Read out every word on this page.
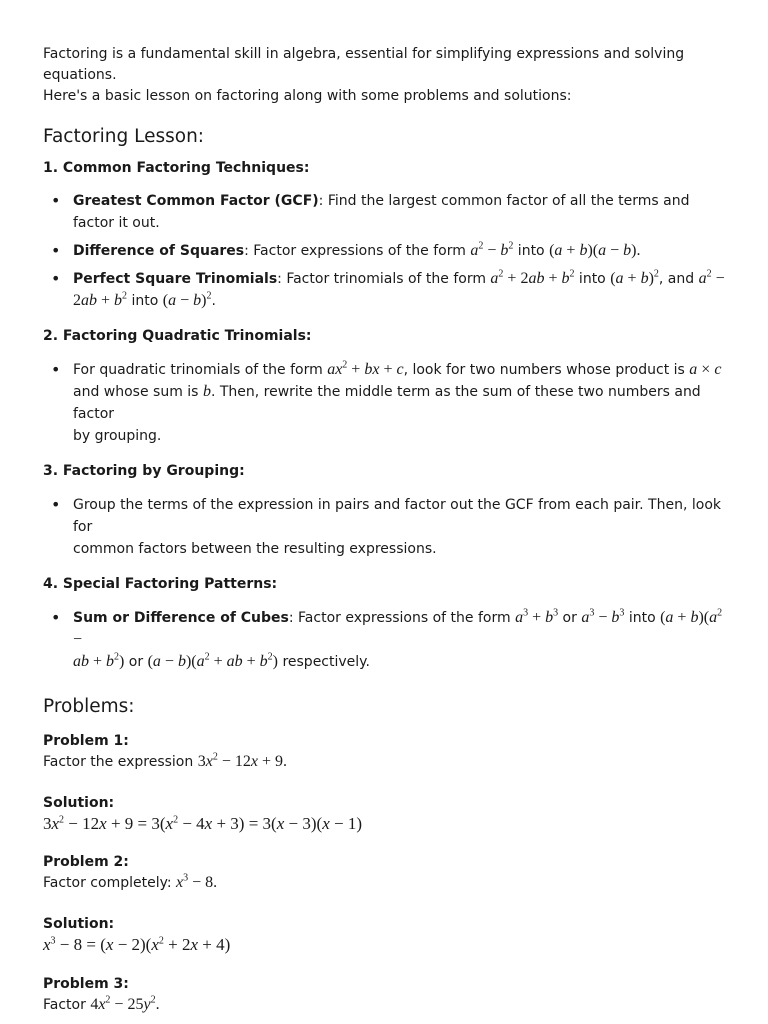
Factoring is a fundamental skill in algebra, essential for simplifying expressions and solving equations.

Here's a basic lesson on factoring along with some problems and solutions:

Factoring Lesson:
1. Common Factoring Techniques:
• Greatest Common Factor (GCF): Find the largest common factor of all the terms and factor it out.
• Difference of Squares: Factor expressions of the form $a^2 - b^2$ into (a + b)(a − b).
• Perfect Square Trinomials: Factor trinomials of the form $a^2 + 2ab + b^2$ into $(a + b)^2$, and $a^2$ −
$2ab + b^2$ into $(a - b)^2$.
2. Factoring Quadratic Trinomials:
• For quadratic trinomials of the form $ax^2$ + bx + c, look for two numbers whose product is a × c
and whose sum is b. Then, rewrite the middle term as the sum of these two numbers and factor
by grouping.
3. Factoring by Grouping:
• Group the terms of the expression in pairs and factor out the GCF from each pair. Then, look for
common factors between the resulting expressions.
4. Special Factoring Patterns:
• Sum or Difference of Cubes: Factor expressions of the form $a^3 + b^3$ or $a^3 - b^3$ into $(a + b)(a^2$ −
ab + $b^2$) or $(a - b)(a^2$ + ab + $b^2$) respectively.
Problems:
Problem 1:

Factor the expression $3x^2 - 12x + 9$.

Solution:
$3x^2 - 12x + 9 = 3(x^2 - 4x + 3) = 3(x - 3)(x - 1)$
Problem 2:

Factor completely: $x^3 - 8$.

Solution:
$x^3 - 8 = (x - 2)(x^2 + 2x + 4)$
Problem 3:

Factor $4x^2 - 25y^2$.
